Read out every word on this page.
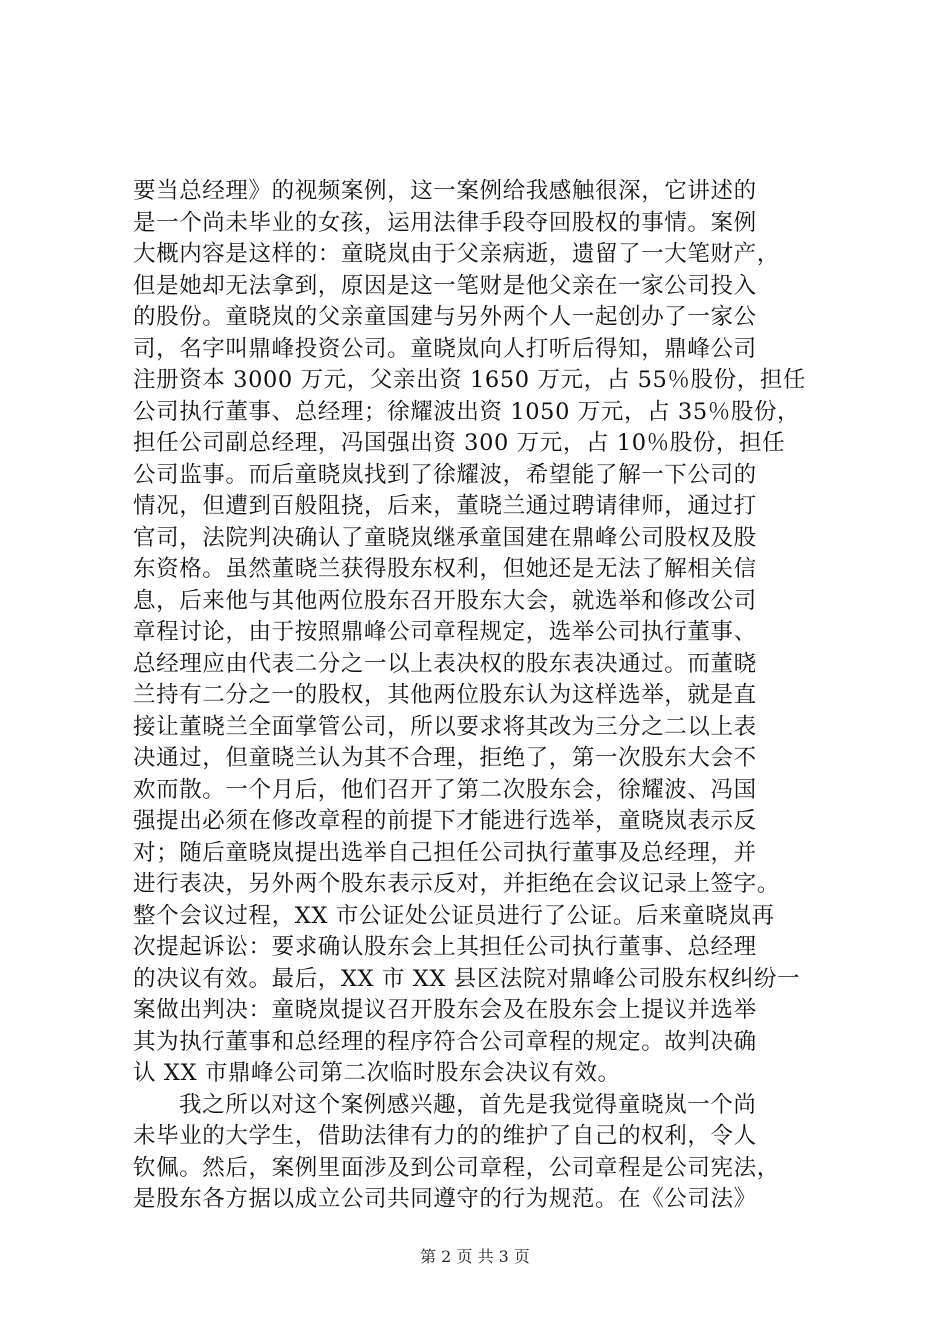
要当总经理》的视频案例，这一案例给我感触很深，它讲述的
是一个尚未毕业的女孩，运用法律手段夺回股权的事情。案例
大概内容是这样的：童晓岚由于父亲病逝，遗留了一大笔财产，
但是她却无法拿到，原因是这一笔财是他父亲在一家公司投入
的股份。童晓岚的父亲童国建与另外两个人一起创办了一家公
司，名字叫鼎峰投资公司。童晓岚向人打听后得知，鼎峰公司
注册资本 3000 万元，父亲出资 1650 万元，占 55％股份，担任
公司执行董事、总经理；徐耀波出资 1050 万元，占 35％股份，
担任公司副总经理，冯国强出资 300 万元，占 10％股份，担任
公司监事。而后童晓岚找到了徐耀波，希望能了解一下公司的
情况，但遭到百般阻挠，后来，董晓兰通过聘请律师，通过打
官司，法院判决确认了童晓岚继承童国建在鼎峰公司股权及股
东资格。虽然董晓兰获得股东权利，但她还是无法了解相关信
息，后来他与其他两位股东召开股东大会，就选举和修改公司
章程讨论，由于按照鼎峰公司章程规定，选举公司执行董事、
总经理应由代表二分之一以上表决权的股东表决通过。而董晓
兰持有二分之一的股权，其他两位股东认为这样选举，就是直
接让董晓兰全面掌管公司，所以要求将其改为三分之二以上表
决通过，但童晓兰认为其不合理，拒绝了，第一次股东大会不
欢而散。一个月后，他们召开了第二次股东会，徐耀波、冯国
强提出必须在修改章程的前提下才能进行选举，童晓岚表示反
对；随后童晓岚提出选举自己担任公司执行董事及总经理，并
进行表决，另外两个股东表示反对，并拒绝在会议记录上签字。
整个会议过程，XX 市公证处公证员进行了公证。后来童晓岚再
次提起诉讼：要求确认股东会上其担任公司执行董事、总经理
的决议有效。最后，XX 市 XX 县区法院对鼎峰公司股东权纠纷一
案做出判决：童晓岚提议召开股东会及在股东会上提议并选举
其为执行董事和总经理的程序符合公司章程的规定。故判决确
认 XX 市鼎峰公司第二次临时股东会决议有效。
我之所以对这个案例感兴趣，首先是我觉得童晓岚一个尚
未毕业的大学生，借助法律有力的的维护了自己的权利，令人
钦佩。然后，案例里面涉及到公司章程，公司章程是公司宪法，
是股东各方据以成立公司共同遵守的行为规范。在《公司法》
第 2 页 共 3 页
